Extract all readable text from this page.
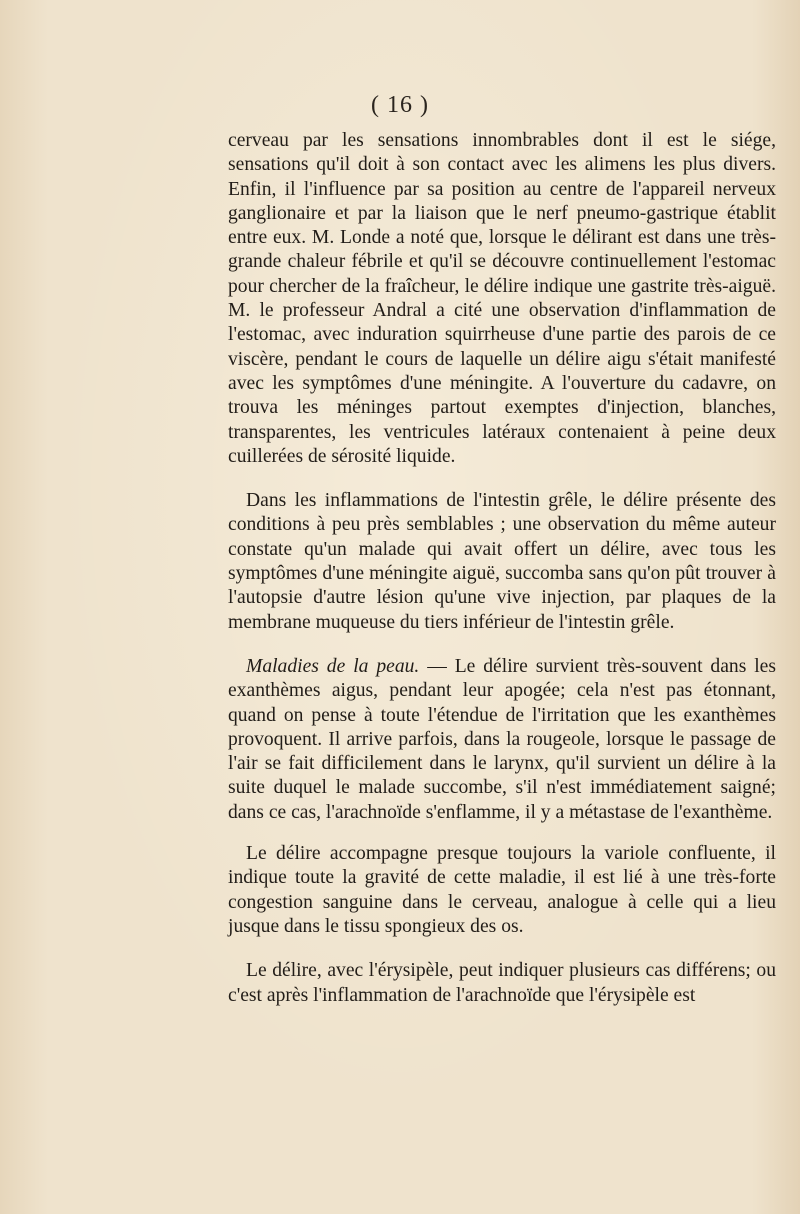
( 16 )

cerveau par les sensations innombrables dont il est le siége, sensations qu'il doit à son contact avec les alimens les plus divers. Enfin, il l'influence par sa position au centre de l'appareil nerveux ganglionaire et par la liaison que le nerf pneumo-gastrique établit entre eux. M. Londe a noté que, lorsque le délirant est dans une très-grande chaleur fébrile et qu'il se découvre continuellement l'estomac pour chercher de la fraîcheur, le délire indique une gastrite très-aiguë. M. le professeur Andral a cité une observation d'inflammation de l'estomac, avec induration squirrheuse d'une partie des parois de ce viscère, pendant le cours de laquelle un délire aigu s'était manifesté avec les symptômes d'une méningite. A l'ouverture du cadavre, on trouva les méninges partout exemptes d'injection, blanches, transparentes, les ventricules latéraux contenaient à peine deux cuillerées de sérosité liquide.

Dans les inflammations de l'intestin grêle, le délire présente des conditions à peu près semblables ; une observation du même auteur constate qu'un malade qui avait offert un délire, avec tous les symptômes d'une méningite aiguë, succomba sans qu'on pût trouver à l'autopsie d'autre lésion qu'une vive injection, par plaques de la membrane muqueuse du tiers inférieur de l'intestin grêle.

Maladies de la peau. — Le délire survient très-souvent dans les exanthèmes aigus, pendant leur apogée; cela n'est pas étonnant, quand on pense à toute l'étendue de l'irritation que les exanthèmes provoquent. Il arrive parfois, dans la rougeole, lorsque le passage de l'air se fait difficilement dans le larynx, qu'il survient un délire à la suite duquel le malade succombe, s'il n'est immédiatement saigné; dans ce cas, l'arachnoïde s'enflamme, il y a métastase de l'exanthème.

Le délire accompagne presque toujours la variole confluente, il indique toute la gravité de cette maladie, il est lié à une très-forte congestion sanguine dans le cerveau, analogue à celle qui a lieu jusque dans le tissu spongieux des os.

Le délire, avec l'érysipèle, peut indiquer plusieurs cas différens; ou c'est après l'inflammation de l'arachnoïde que l'érysipèle est
